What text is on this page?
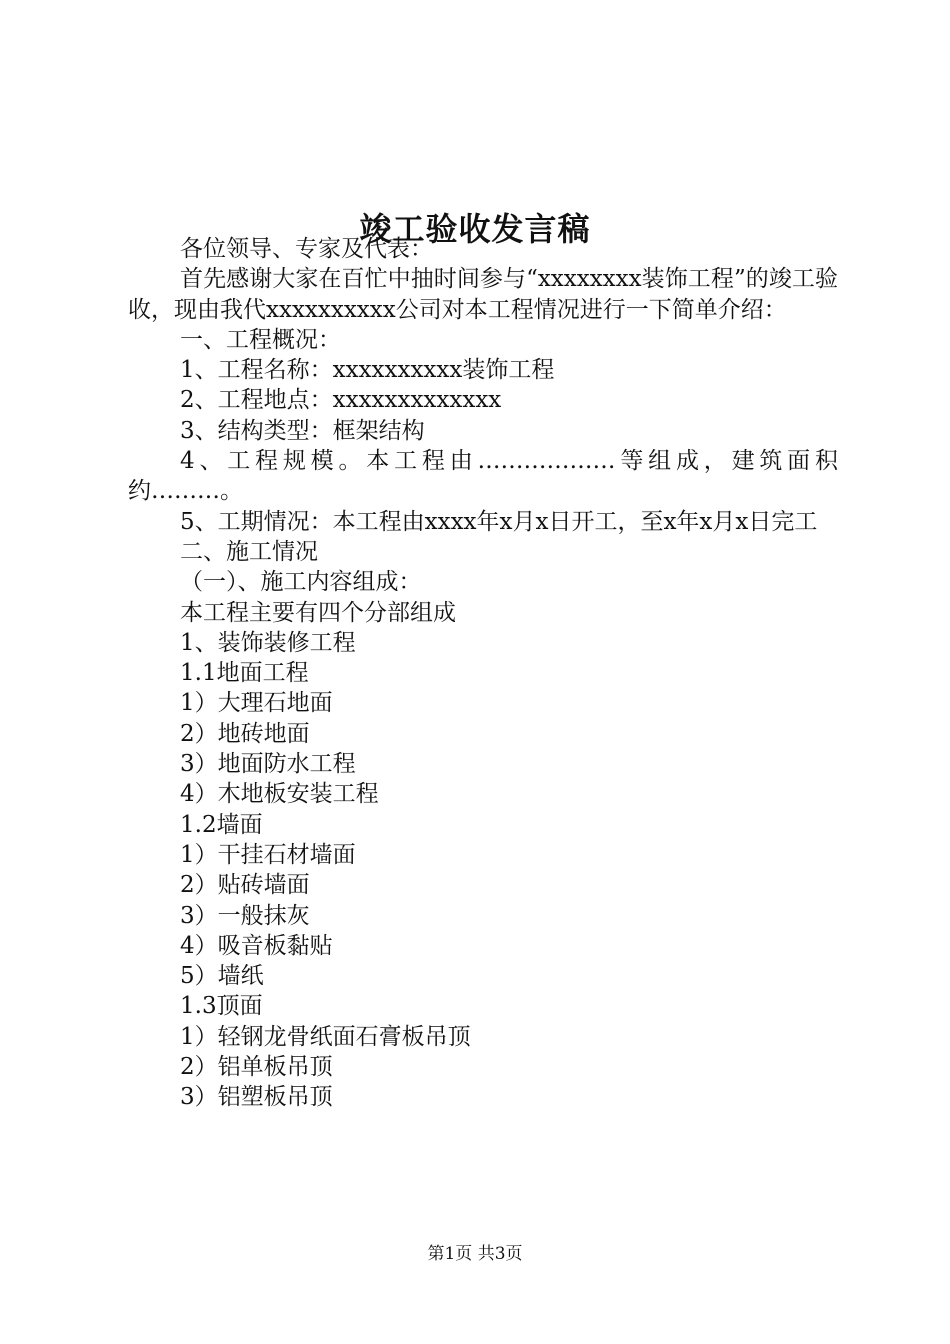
竣工验收发言稿

各位领导、专家及代表：

首先感谢大家在百忙中抽时间参与“xxxxxxxx装饰工程”的竣工验收，现由我代xxxxxxxxxx公司对本工程情况进行一下简单介绍：

一、工程概况：

1、工程名称：xxxxxxxxxx装饰工程

2、工程地点：xxxxxxxxxxxxx

3、结构类型：框架结构

4、工程规模。本工程由………………等组成，建筑面积约………。

5、工期情况：本工程由xxxx年x月x日开工，至x年x月x日完工

二、施工情况

（一）、施工内容组成：

本工程主要有四个分部组成

1、装饰装修工程

1.1地面工程

1）大理石地面

2）地砖地面

3）地面防水工程

4）木地板安装工程

1.2墙面

1）干挂石材墙面

2）贴砖墙面

3）一般抹灰

4）吸音板黏贴

5）墙纸

1.3顶面

1）轻钢龙骨纸面石膏板吊顶

2）铝单板吊顶

3）铝塑板吊顶

第1页 共3页
